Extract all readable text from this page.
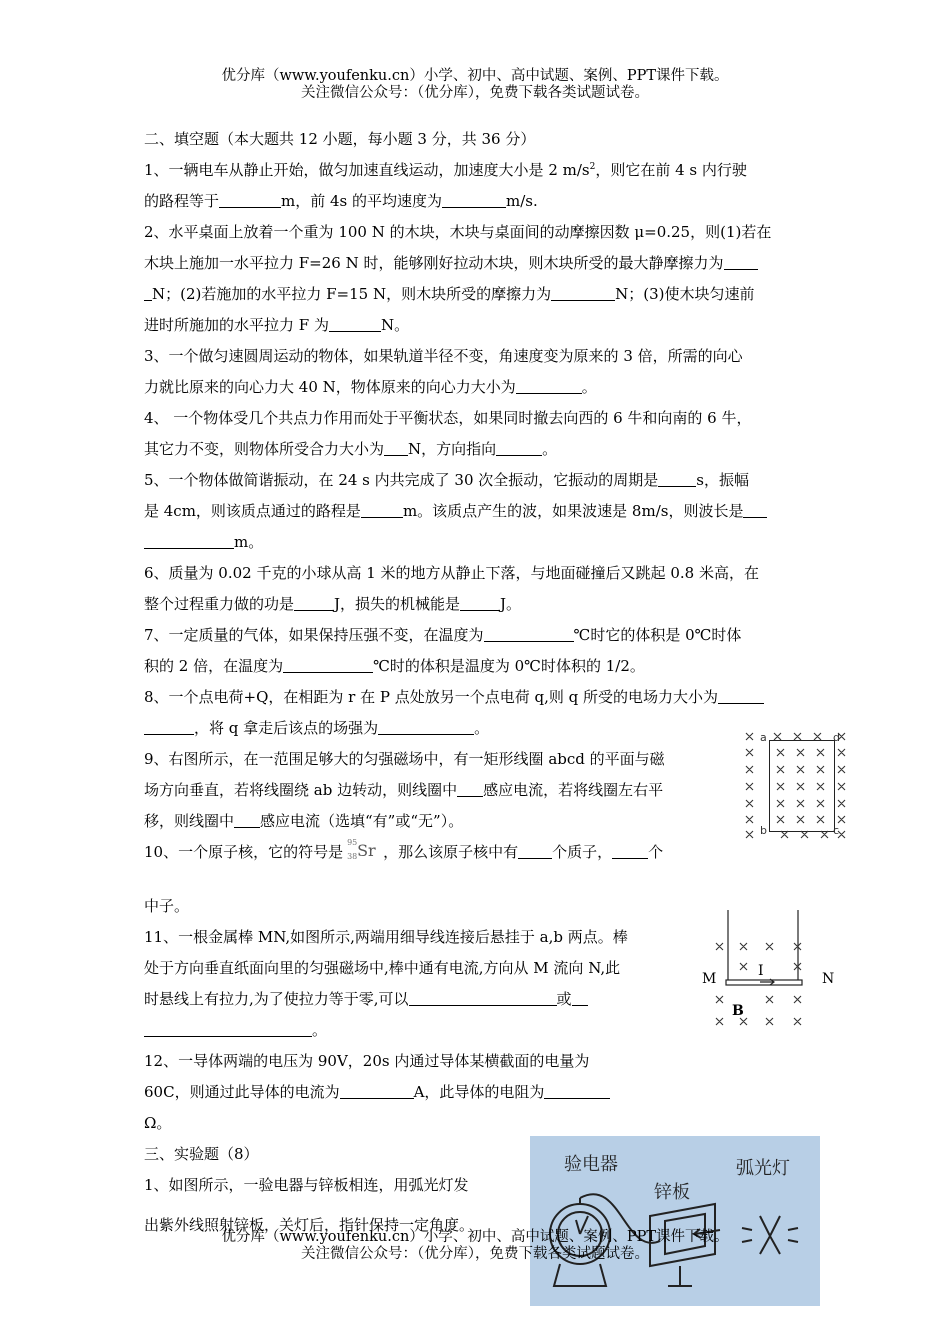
优分库（www.youfenku.cn）小学、初中、高中试题、案例、PPT课件下载。
关注微信公众号：（优分库），免费下载各类试题试卷。
二、填空题（本大题共 12 小题，每小题 3 分，共 36 分）
1、一辆电车从静止开始，做匀加速直线运动，加速度大小是 2 $m/s^2$，则它在前 4 s 内行驶
的路程等于	m，前 4s 的平均速度为	m/s.
2、水平桌面上放着一个重为 100 N 的木块，木块与桌面间的动摩擦因数 μ=0.25，则(1)若在
木块上施加一水平拉力 F=26 N 时，能够刚好拉动木块，则木块所受的最大静摩擦力为
N；(2)若施加的水平拉力 F=15 N，则木块所受的摩擦力为	N；(3)使木块匀速前
进时所施加的水平拉力 F 为	N。
3、一个做匀速圆周运动的物体，如果轨道半径不变，角速度变为原来的 3 倍，所需的向心
力就比原来的向心力大 40 N，物体原来的向心力大小为	。
4、 一个物体受几个共点力作用而处于平衡状态，如果同时撤去向西的 6 牛和向南的 6 牛，
其它力不变，则物体所受合力大小为 N，方向指向	。
5、一个物体做简谐振动，在 24 s 内共完成了 30 次全振动，它振动的周期是	s，振幅
是 4cm，则该质点通过的路程是	m。该质点产生的波，如果波速是 8m/s，则波长是
m。
6、质量为 0.02 千克的小球从高 1 米的地方从静止下落，与地面碰撞后又跳起 0.8 米高，在
整个过程重力做的功是	J，损失的机械能是	J。
7、一定质量的气体，如果保持压强不变，在温度为	℃时它的体积是 0℃时体
积的 2 倍，在温度为	℃时的体积是温度为 0℃时体积的 1/2。
8、一个点电荷+Q，在相距为 r 在 P 点处放另一个点电荷 q,则 q 所受的电场力大小为
，将 q 拿走后该点的场强为	。
9、右图所示，在一范围足够大的匀强磁场中，有一矩形线圈 abcd 的平面与磁
场方向垂直，若将线圈绕 ab 边转动，则线圈中 感应电流，若将线圈左右平
移，则线圈中 感应电流（选填“有”或“无”）。
10、一个原子核，它的符号是
95
38 Sr ，那么该原子核中有 个质子， 个
中子。
11、一根金属棒 MN,如图所示,两端用细导线连接后悬挂于 a,b 两点。棒
处于方向垂直纸面向里的匀强磁场中,棒中通有电流,方向从 M 流向 N,此
时悬线上有拉力,为了使拉力等于零,可以	或
。
12、一导体两端的电压为 90V，20s 内通过导体某横截面的电量为
60C，则通过此导体的电流为	A，此导体的电阻为
Ω。
三、实验题（8）
1、如图所示，一验电器与锌板相连，用弧光灯发
出紫外线照射锌板，关灯后，指针保持一定角度。
a	d
b	c
M	N
I
B
验电器
锌板
弧光灯
优分库（www.youfenku.cn）小学、初中、高中试题、案例、PPT课件下载。
关注微信公众号：（优分库），免费下载各类试题试卷。
